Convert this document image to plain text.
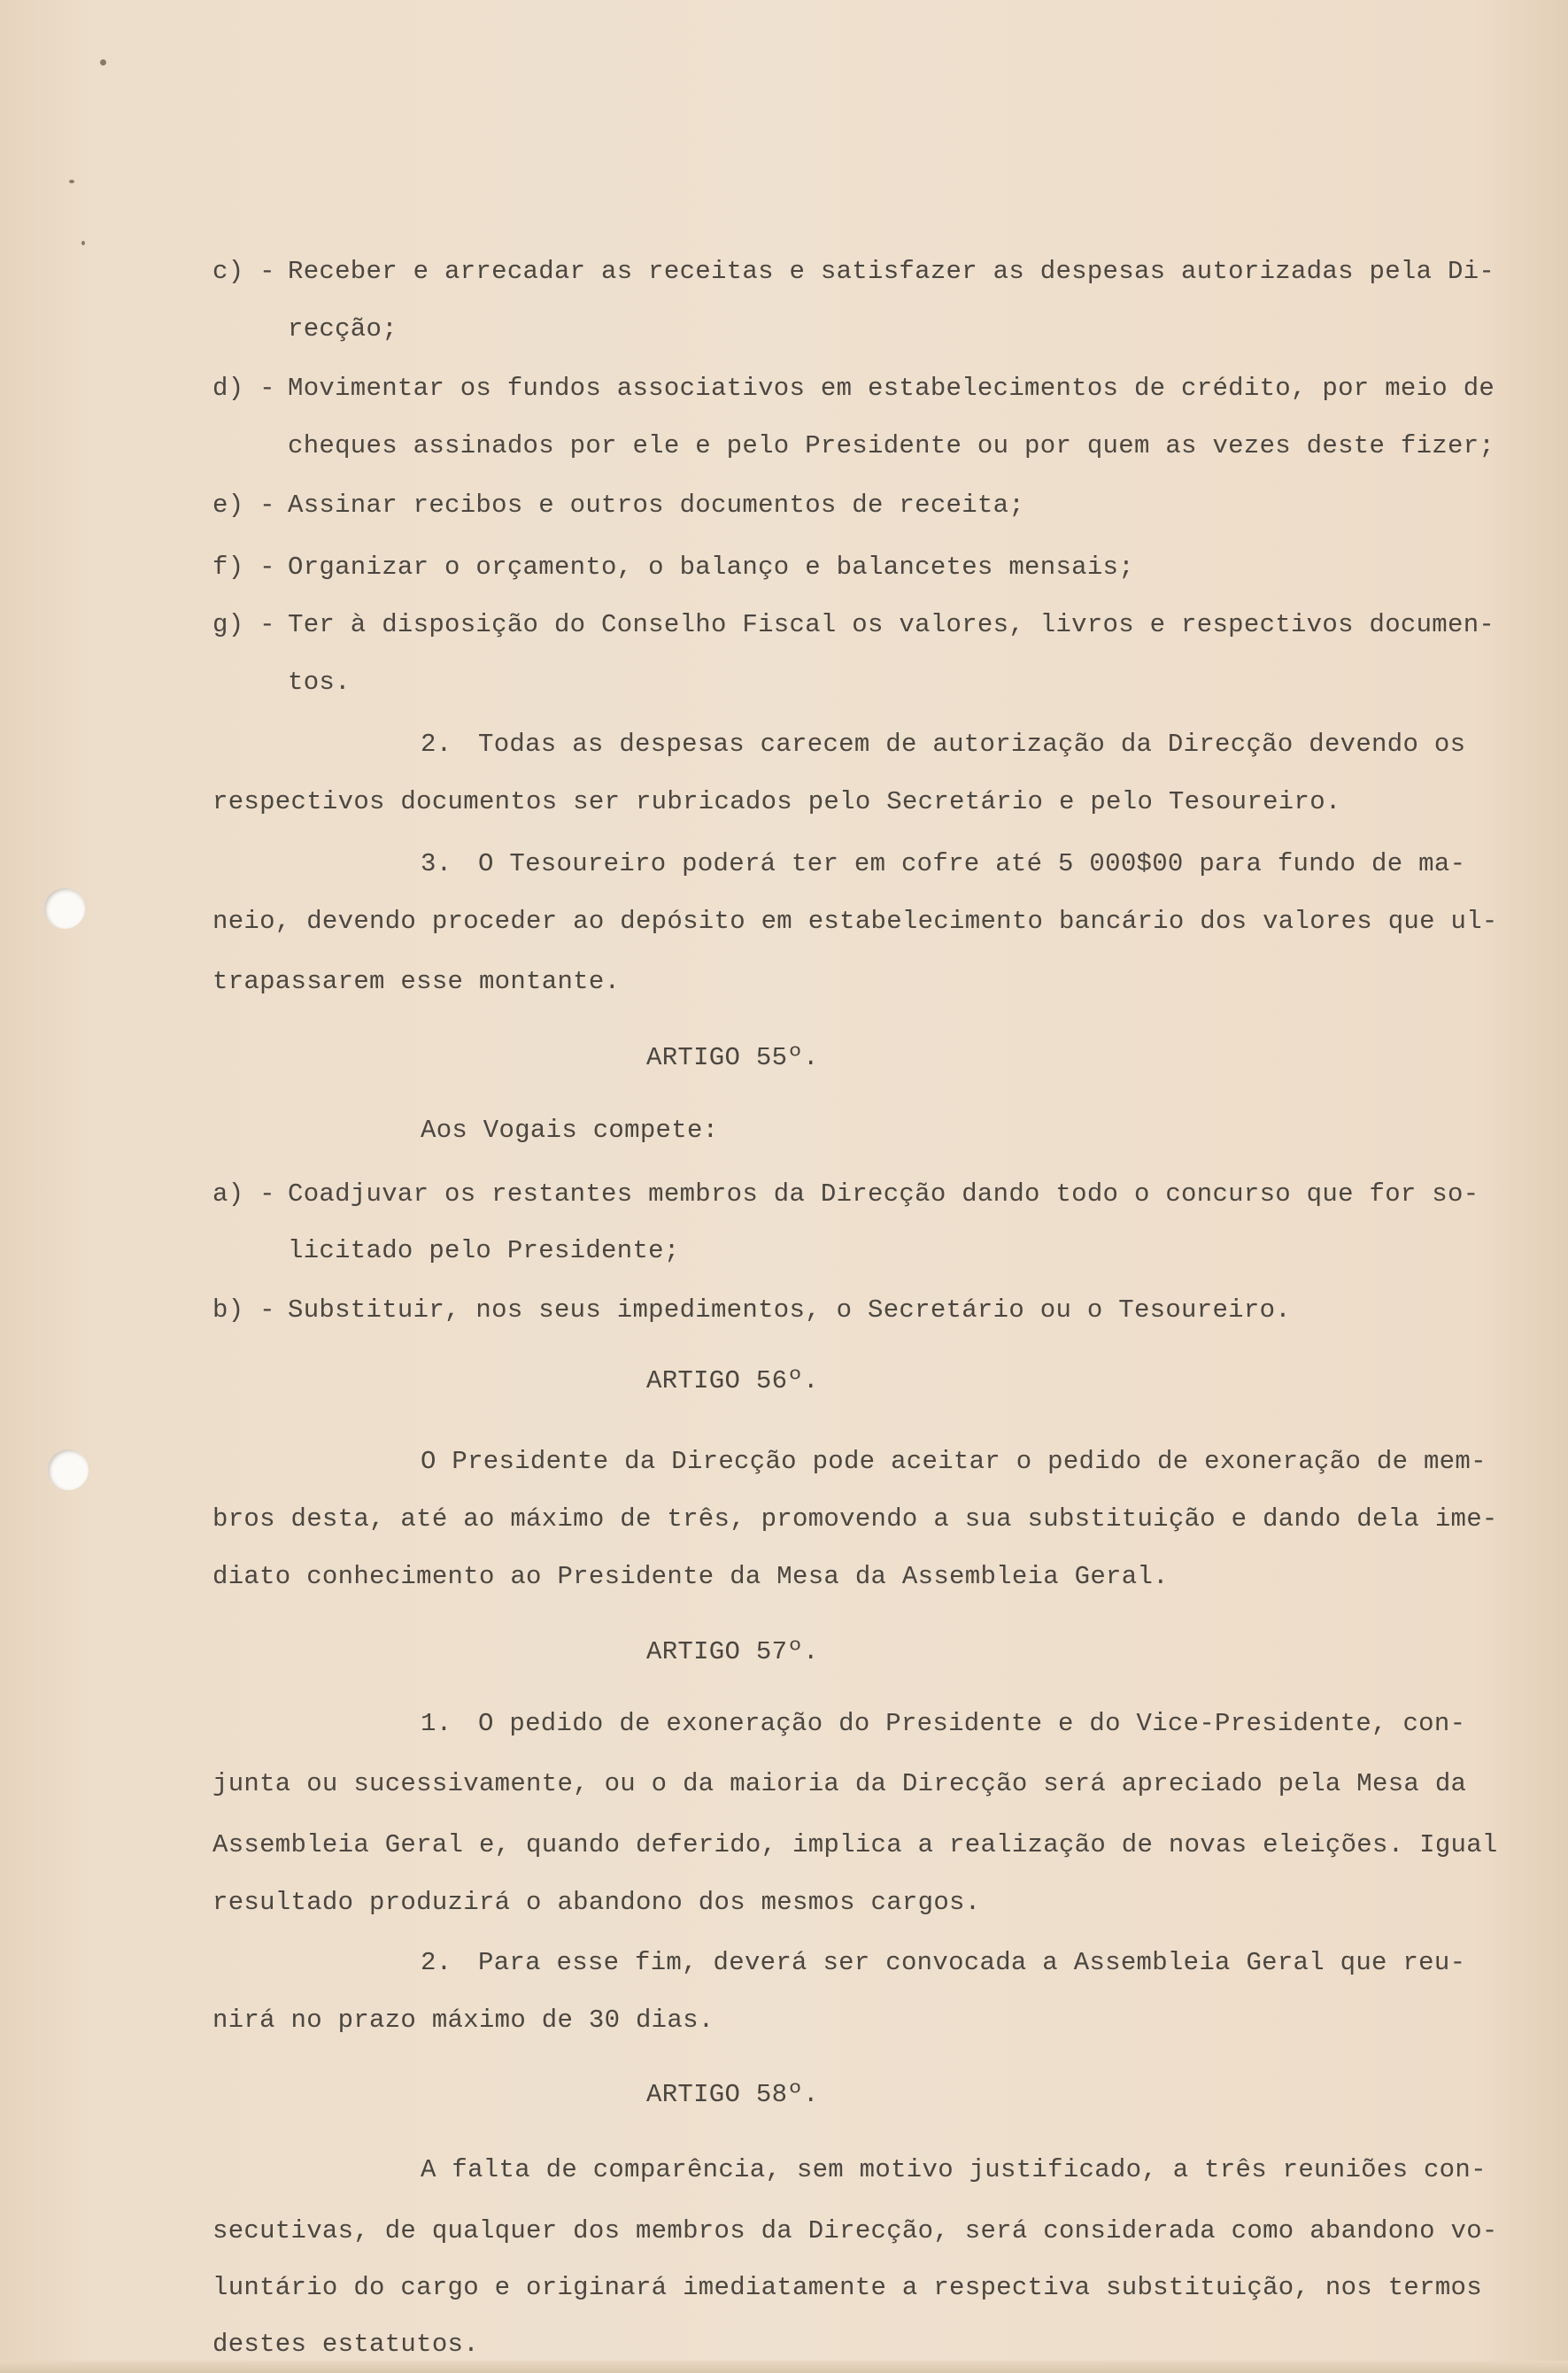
c) - Receber e arrecadar as receitas e satisfazer as despesas autorizadas pela Di-
recção;
d) - Movimentar os fundos associativos em estabelecimentos de crédito, por meio de
cheques assinados por ele e pelo Presidente ou por quem as vezes deste fizer;
e) - Assinar recibos e outros documentos de receita;
f) - Organizar o orçamento, o balanço e balancetes mensais;
g) - Ter à disposição do Conselho Fiscal os valores, livros e respectivos documen-
tos.
2. Todas as despesas carecem de autorização da Direcção devendo os
respectivos documentos ser rubricados pelo Secretário e pelo Tesoureiro.
3. O Tesoureiro poderá ter em cofre até 5 000$00 para fundo de ma-
neio, devendo proceder ao depósito em estabelecimento bancário dos valores que ul-
trapassarem esse montante.
ARTIGO 55º.
Aos Vogais compete:
a) - Coadjuvar os restantes membros da Direcção dando todo o concurso que for so-
licitado pelo Presidente;
b) - Substituir, nos seus impedimentos, o Secretário ou o Tesoureiro.
ARTIGO 56º.
O Presidente da Direcção pode aceitar o pedido de exoneração de mem-
bros desta, até ao máximo de três, promovendo a sua substituição e dando dela ime-
diato conhecimento ao Presidente da Mesa da Assembleia Geral.
ARTIGO 57º.
1. O pedido de exoneração do Presidente e do Vice-Presidente, con-
junta ou sucessivamente, ou o da maioria da Direcção será apreciado pela Mesa da
Assembleia Geral e, quando deferido, implica a realização de novas eleições. Igual
resultado produzirá o abandono dos mesmos cargos.
2. Para esse fim, deverá ser convocada a Assembleia Geral que reu-
nirá no prazo máximo de 30 dias.
ARTIGO 58º.
A falta de comparência, sem motivo justificado, a três reuniões con-
secutivas, de qualquer dos membros da Direcção, será considerada como abandono vo-
luntário do cargo e originará imediatamente a respectiva substituição, nos termos
destes estatutos.
